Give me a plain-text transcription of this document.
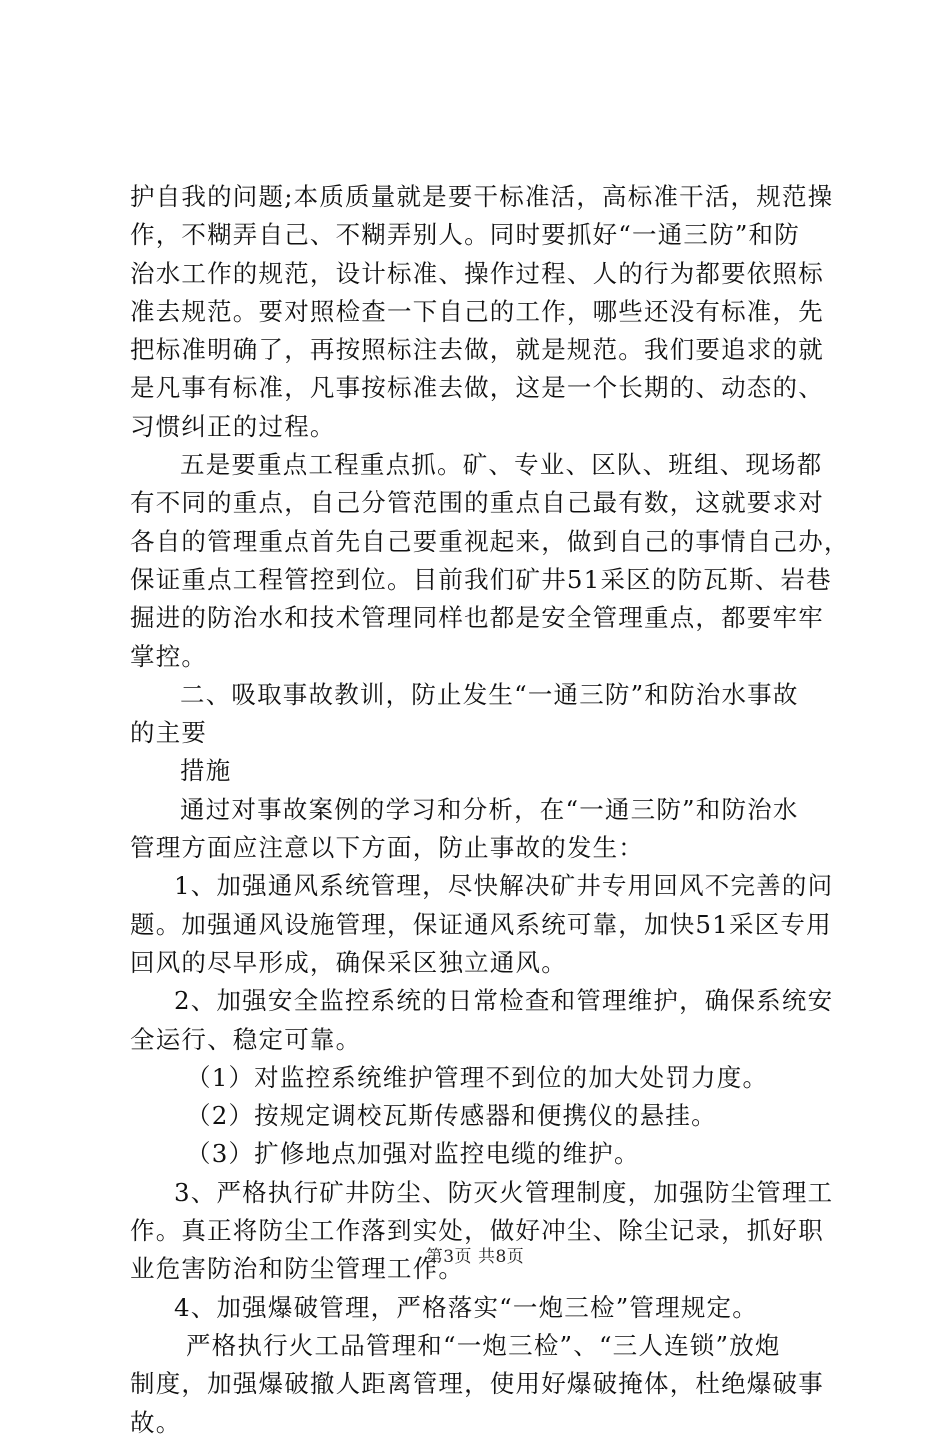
护自我的问题;本质质量就是要干标准活，高标准干活，规范操
作，不糊弄自己、不糊弄别人。同时要抓好“一通三防”和防
治水工作的规范，设计标准、操作过程、人的行为都要依照标
准去规范。要对照检查一下自己的工作，哪些还没有标准，先
把标准明确了，再按照标注去做，就是规范。我们要追求的就
是凡事有标准，凡事按标准去做，这是一个长期的、动态的、
习惯纠正的过程。
五是要重点工程重点抓。矿、专业、区队、班组、现场都
有不同的重点，自己分管范围的重点自己最有数，这就要求对
各自的管理重点首先自己要重视起来，做到自己的事情自己办，
保证重点工程管控到位。目前我们矿井51采区的防瓦斯、岩巷
掘进的防治水和技术管理同样也都是安全管理重点，都要牢牢
掌控。
二、吸取事故教训，防止发生“一通三防”和防治水事故
的主要
措施
通过对事故案例的学习和分析，在“一通三防”和防治水
管理方面应注意以下方面，防止事故的发生：
1、加强通风系统管理，尽快解决矿井专用回风不完善的问
题。加强通风设施管理，保证通风系统可靠，加快51采区专用
回风的尽早形成，确保采区独立通风。
2、加强安全监控系统的日常检查和管理维护，确保系统安
全运行、稳定可靠。
（1）对监控系统维护管理不到位的加大处罚力度。
（2）按规定调校瓦斯传感器和便携仪的悬挂。
（3）扩修地点加强对监控电缆的维护。
3、严格执行矿井防尘、防灭火管理制度，加强防尘管理工
作。真正将防尘工作落到实处，做好冲尘、除尘记录，抓好职
业危害防治和防尘管理工作。
4、加强爆破管理，严格落实“一炮三检”管理规定。
严格执行火工品管理和“一炮三检”、“三人连锁”放炮
制度，加强爆破撤人距离管理，使用好爆破掩体，杜绝爆破事
故。
第3页 共8页
